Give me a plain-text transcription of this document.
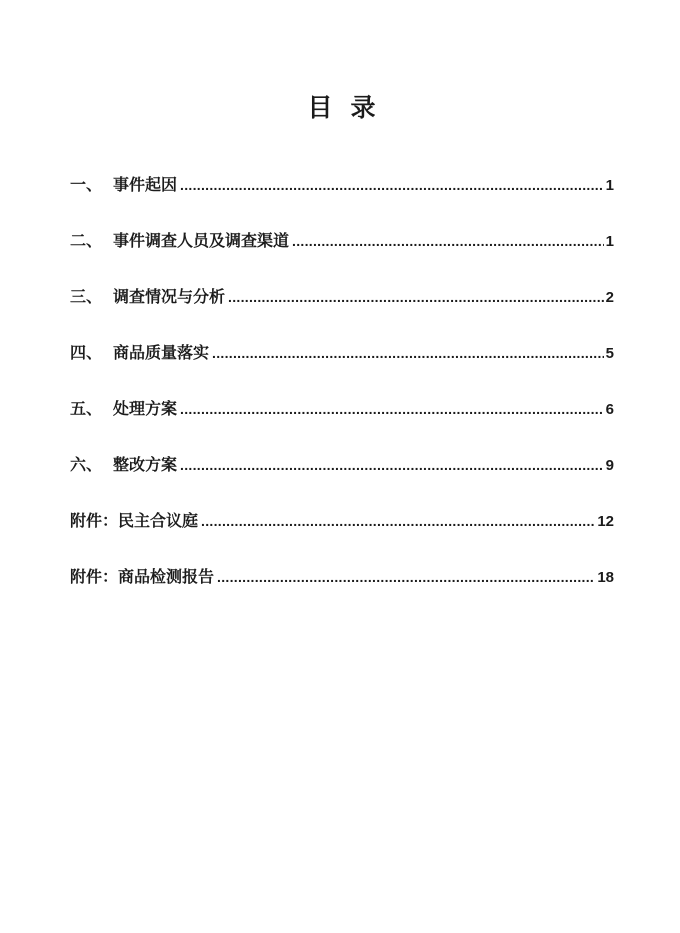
目 录
一、 事件起因 .....	1
二、 事件调查人员及调查渠道 .....	1
三、 调查情况与分析 .....	2
四、 商品质量落实 .....	5
五、 处理方案 .....	6
六、 整改方案 .....	9
附件： 民主合议庭 .....	12
附件： 商品检测报告 .....	18
